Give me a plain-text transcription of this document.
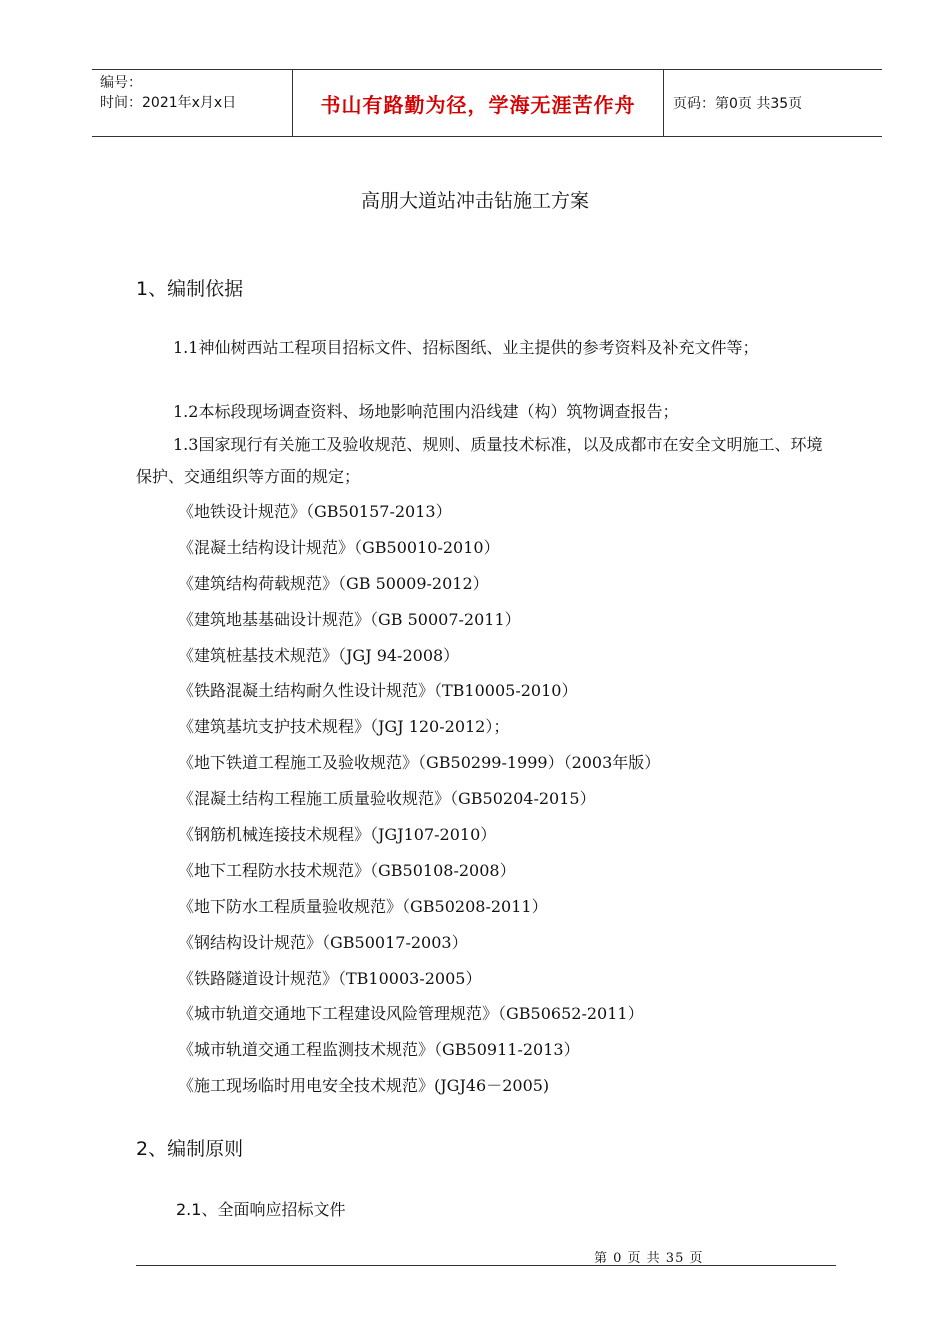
编号：
时间：2021年x月x日	书山有路勤为径，学海无涯苦作舟	页码：第0页 共35页
高朋大道站冲击钻施工方案
1、编制依据
1.1神仙树西站工程项目招标文件、招标图纸、业主提供的参考资料及补充文件等；
1.2本标段现场调查资料、场地影响范围内沿线建（构）筑物调查报告；
1.3国家现行有关施工及验收规范、规则、质量技术标准，以及成都市在安全文明施工、环境保护、交通组织等方面的规定；
《地铁设计规范》（GB50157-2013）
《混凝土结构设计规范》（GB50010-2010）
《建筑结构荷载规范》（GB 50009-2012）
《建筑地基基础设计规范》（GB 50007-2011）
《建筑桩基技术规范》（JGJ 94-2008）
《铁路混凝土结构耐久性设计规范》（TB10005-2010）
《建筑基坑支护技术规程》（JGJ 120-2012）；
《地下铁道工程施工及验收规范》（GB50299-1999）（2003年版）
《混凝土结构工程施工质量验收规范》（GB50204-2015）
《钢筋机械连接技术规程》（JGJ107-2010）
《地下工程防水技术规范》（GB50108-2008）
《地下防水工程质量验收规范》（GB50208-2011）
《钢结构设计规范》（GB50017-2003）
《铁路隧道设计规范》（TB10003-2005）
《城市轨道交通地下工程建设风险管理规范》（GB50652-2011）
《城市轨道交通工程监测技术规范》（GB50911-2013）
《施工现场临时用电安全技术规范》(JGJ46－2005)
2、编制原则
2.1、全面响应招标文件
第 0 页 共 35 页
